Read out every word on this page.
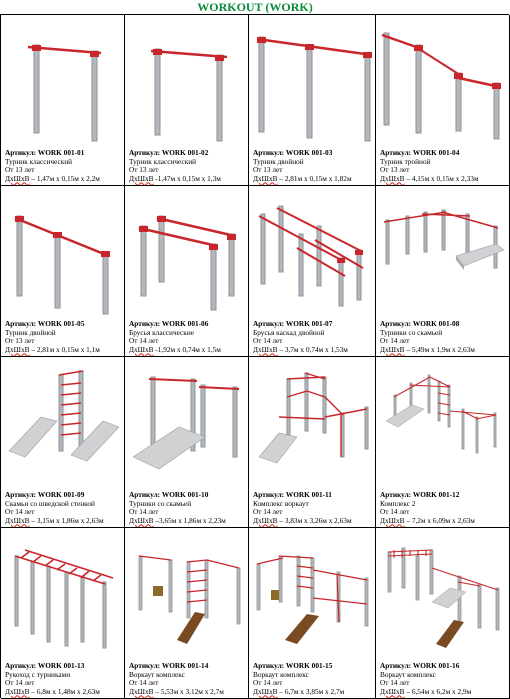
WORKOUT (WORK)
Артикул: WORK 001-01
Турник классический
От 13 лет
ДхШхВ – 1,47м х 0,15м х 2,2м
Артикул: WORK 001-02
Турник классический
От 13 лет
ДхШхВ -1,47м х 0,15м х 1,3м
Артикул: WORK 001-03
Турник двойной
От 13 лет
ДхШхВ – 2,81м х 0,15м х 1,82м
Артикул: WORK 001-04
Турник тройной
От 13 лет
ДхШхВ – 4,15м х 0,15м х 2,33м
Артикул: WORK 001-05
Турник двойной
От 13 лет
ДхШхВ – 2,81м х 0,15м х 1,1м
Артикул: WORK 001-06
Брусья классические
От 14 лет
ДхШхВ -1,92м х 0,74м х 1,5м
Артикул: WORK 001-07
Брусья каскад двойной
От 14 лет
ДхШхВ – 3,7м х 0,74м х 1,53м
Артикул: WORK 001-08
Турники со скамьей
От 14 лет
ДхШхВ – 5,49м х 1,9м х 2,63м
Артикул: WORK 001-09
Скамьи со шведской стенкой
От 14 лет
ДхШхВ – 3,15м х 1,86м х 2,63м
Артикул: WORK 001-10
Турники со скамьей
От 14 лет
ДхШхВ –3,65м х 1,86м х 2,23м
Артикул: WORK 001-11
Комплекс воркаут
От 14 лет
ДхШхВ – 3,83м х 3,26м х 2,63м
Артикул: WORK 001-12
Комплекс 2
От 14 лет
ДхШхВ – 7,2м х 6,09м х 2,63м
Артикул: WORK 001-13
Рукоход с турниками
От 14 лет
ДхШхВ – 6,8м х 1,48м х 2,63м
Артикул: WORK 001-14
Воркаут комплекс
От 14 лет
ДхШхВ – 5,53м х 3,12м х 2,7м
Артикул: WORK 001-15
Воркаут комплекс
От 14 лет
ДхШхВ – 6,7м х 3,85м х 2,7м
Артикул: WORK 001-16
Воркаут комплекс
От 14 лет
ДхШхВ – 6,54м х 6,2м х 2,9м
